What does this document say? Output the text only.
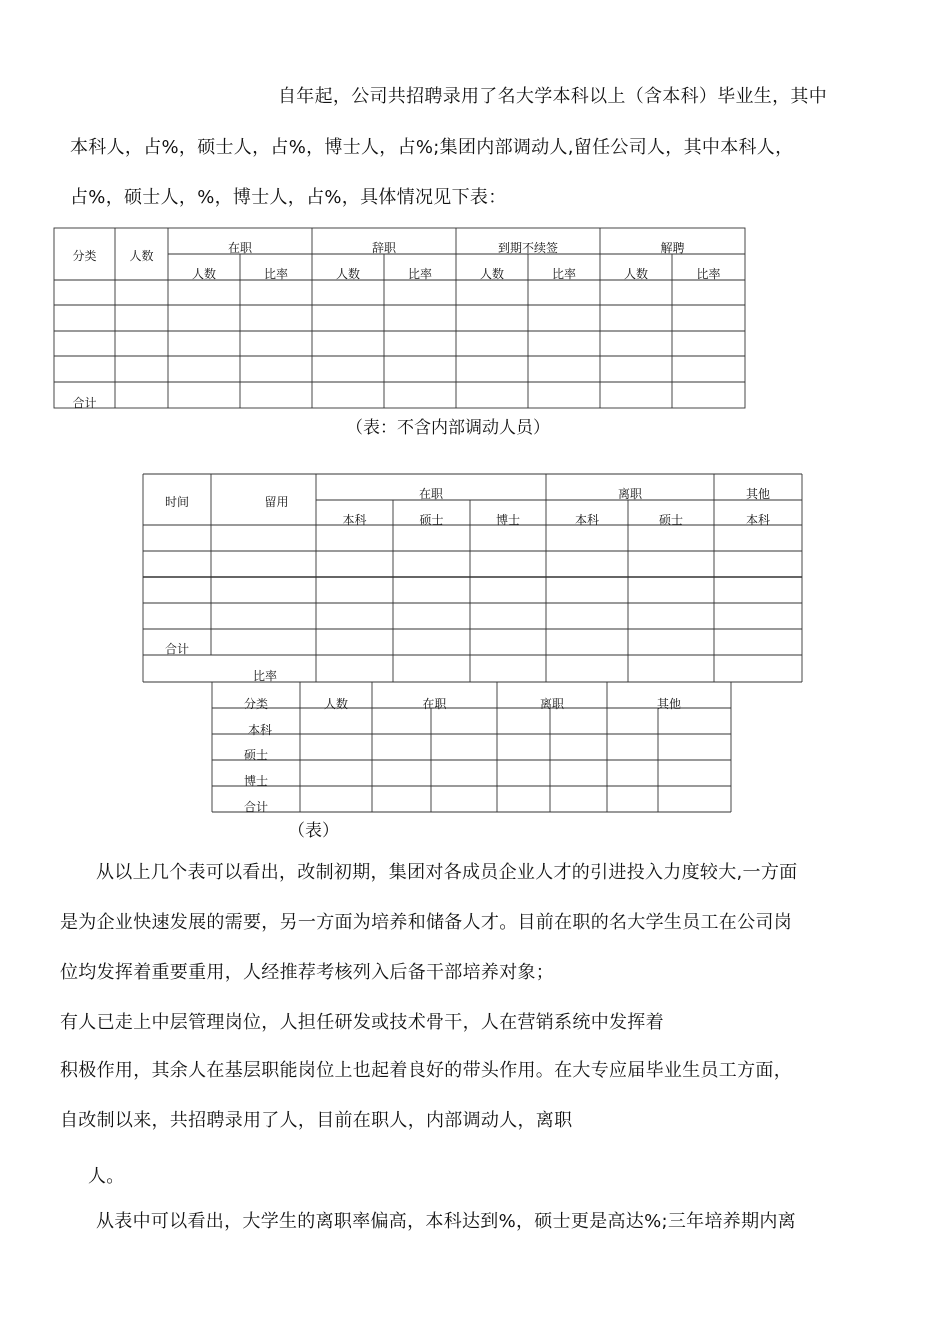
自年起，公司共招聘录用了名大学本科以上（含本科）毕业生，其中
本科人，占%，硕士人，占%，博士人，占%;集团内部调动人,留任公司人，其中本科人，
占%，硕士人，%，博士人，占%，具体情况见下表：
分类	人数
在职	辞职	到期不续签	解聘
人数	比率	人数	比率	人数	比率	人数	比率
合计
（表：不含内部调动人员）
时间	留用
在职	离职	其他
本科	硕士	博士	本科	硕士	本科
合计
比率
分类	人数	在职	离职	其他
本科
硕士
博士
合计
（表）
从以上几个表可以看出，改制初期，集团对各成员企业人才的引进投入力度较大,一方面
是为企业快速发展的需要，另一方面为培养和储备人才。目前在职的名大学生员工在公司岗
位均发挥着重要重用，人经推荐考核列入后备干部培养对象；
有人已走上中层管理岗位，人担任研发或技术骨干，人在营销系统中发挥着
积极作用，其余人在基层职能岗位上也起着良好的带头作用。在大专应届毕业生员工方面，
自改制以来，共招聘录用了人，目前在职人，内部调动人，离职
人。
从表中可以看出，大学生的离职率偏高，本科达到%，硕士更是高达%;三年培养期内离
